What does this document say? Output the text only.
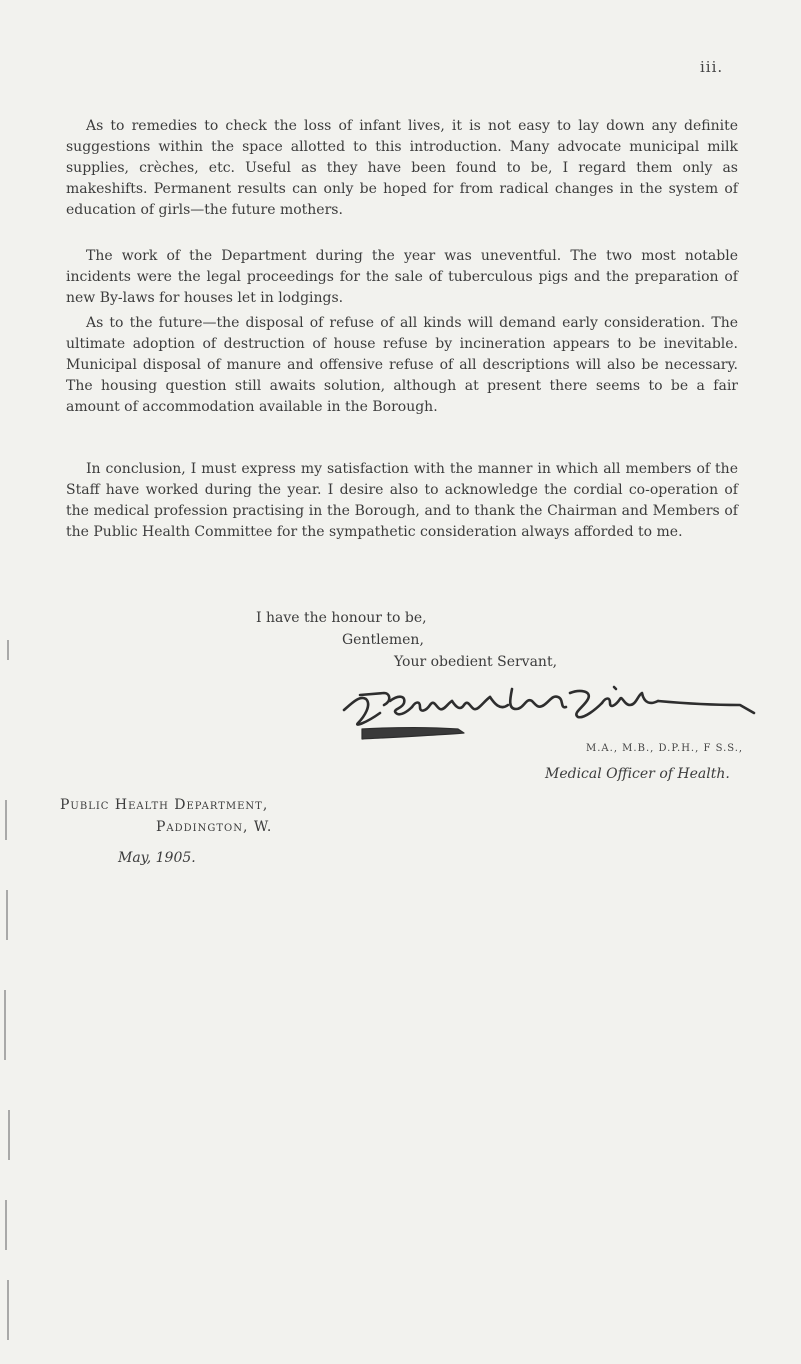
iii.

As to remedies to check the loss of infant lives, it is not easy to lay down any definite suggestions within the space allotted to this introduction. Many advocate municipal milk supplies, crèches, etc. Useful as they have been found to be, I regard them only as makeshifts. Permanent results can only be hoped for from radical changes in the system of education of girls—the future mothers.

The work of the Department during the year was uneventful. The two most notable incidents were the legal proceedings for the sale of tuberculous pigs and the preparation of new By-laws for houses let in lodgings.

As to the future—the disposal of refuse of all kinds will demand early consideration. The ultimate adoption of destruction of house refuse by incineration appears to be inevitable. Municipal disposal of manure and offensive refuse of all descriptions will also be necessary. The housing question still awaits solution, although at present there seems to be a fair amount of accommodation available in the Borough.

In conclusion, I must express my satisfaction with the manner in which all members of the Staff have worked during the year. I desire also to acknowledge the cordial co-operation of the medical profession practising in the Borough, and to thank the Chairman and Members of the Public Health Committee for the sympathetic consideration always afforded to me.

I have the honour to be,
Gentlemen,
Your obedient Servant,
M.A., M.B., D.P.H., F S.S.,
Medical Officer of Health.
Public Health Department,
Paddington, W.
May, 1905.
